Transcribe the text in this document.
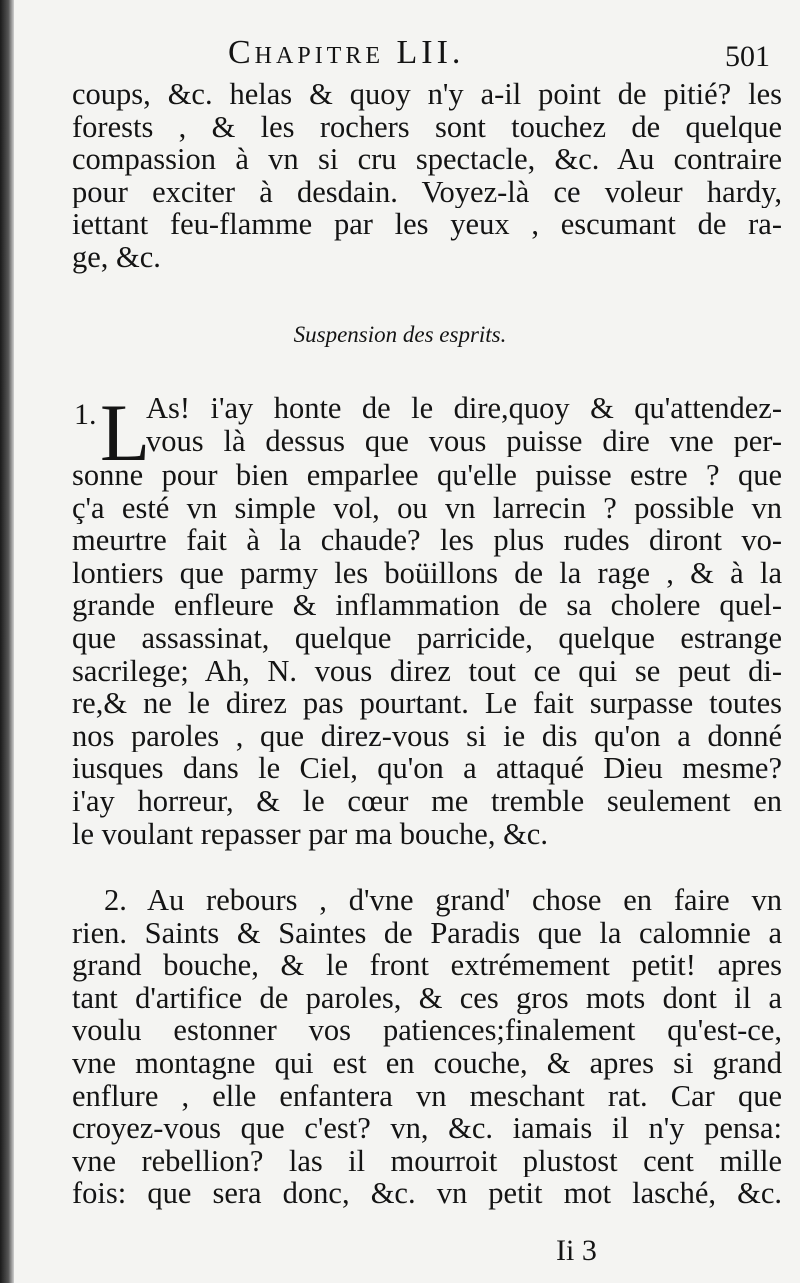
Chapitre LII.	501
coups, &c. helas & quoy n'y a-il point de pitié? les
forests , & les rochers sont touchez de quelque
compassion à vn si cru spectacle, &c. Au contraire
pour exciter à desdain. Voyez-là ce voleur hardy,
iettant feu-flamme par les yeux , escumant de ra-
ge, &c.
Suspension des esprits.
1. L
As! i'ay honte de le dire,quoy & qu'attendez-
vous là dessus que vous puisse dire vne per-
sonne pour bien emparlee qu'elle puisse estre ? que
ç'a esté vn simple vol, ou vn larrecin ? possible vn
meurtre fait à la chaude? les plus rudes diront vo-
lontiers que parmy les boüillons de la rage , & à la
grande enfleure & inflammation de sa cholere quel-
que assassinat, quelque parricide, quelque estrange
sacrilege; Ah, N. vous direz tout ce qui se peut di-
re,& ne le direz pas pourtant. Le fait surpasse toutes
nos paroles , que direz-vous si ie dis qu'on a donné
iusques dans le Ciel, qu'on a attaqué Dieu mesme?
i'ay horreur, & le cœur me tremble seulement en
le voulant repasser par ma bouche, &c.
2. Au rebours , d'vne grand' chose en faire vn
rien. Saints & Saintes de Paradis que la calomnie a
grand bouche, & le front extrémement petit! apres
tant d'artifice de paroles, & ces gros mots dont il a
voulu estonner vos patiences;finalement qu'est-ce,
vne montagne qui est en couche, & apres si grand
enflure , elle enfantera vn meschant rat. Car que
croyez-vous que c'est? vn, &c. iamais il n'y pensa:
vne rebellion? las il mourroit plustost cent mille
fois: que sera donc, &c. vn petit mot lasché, &c.
Ii 3
